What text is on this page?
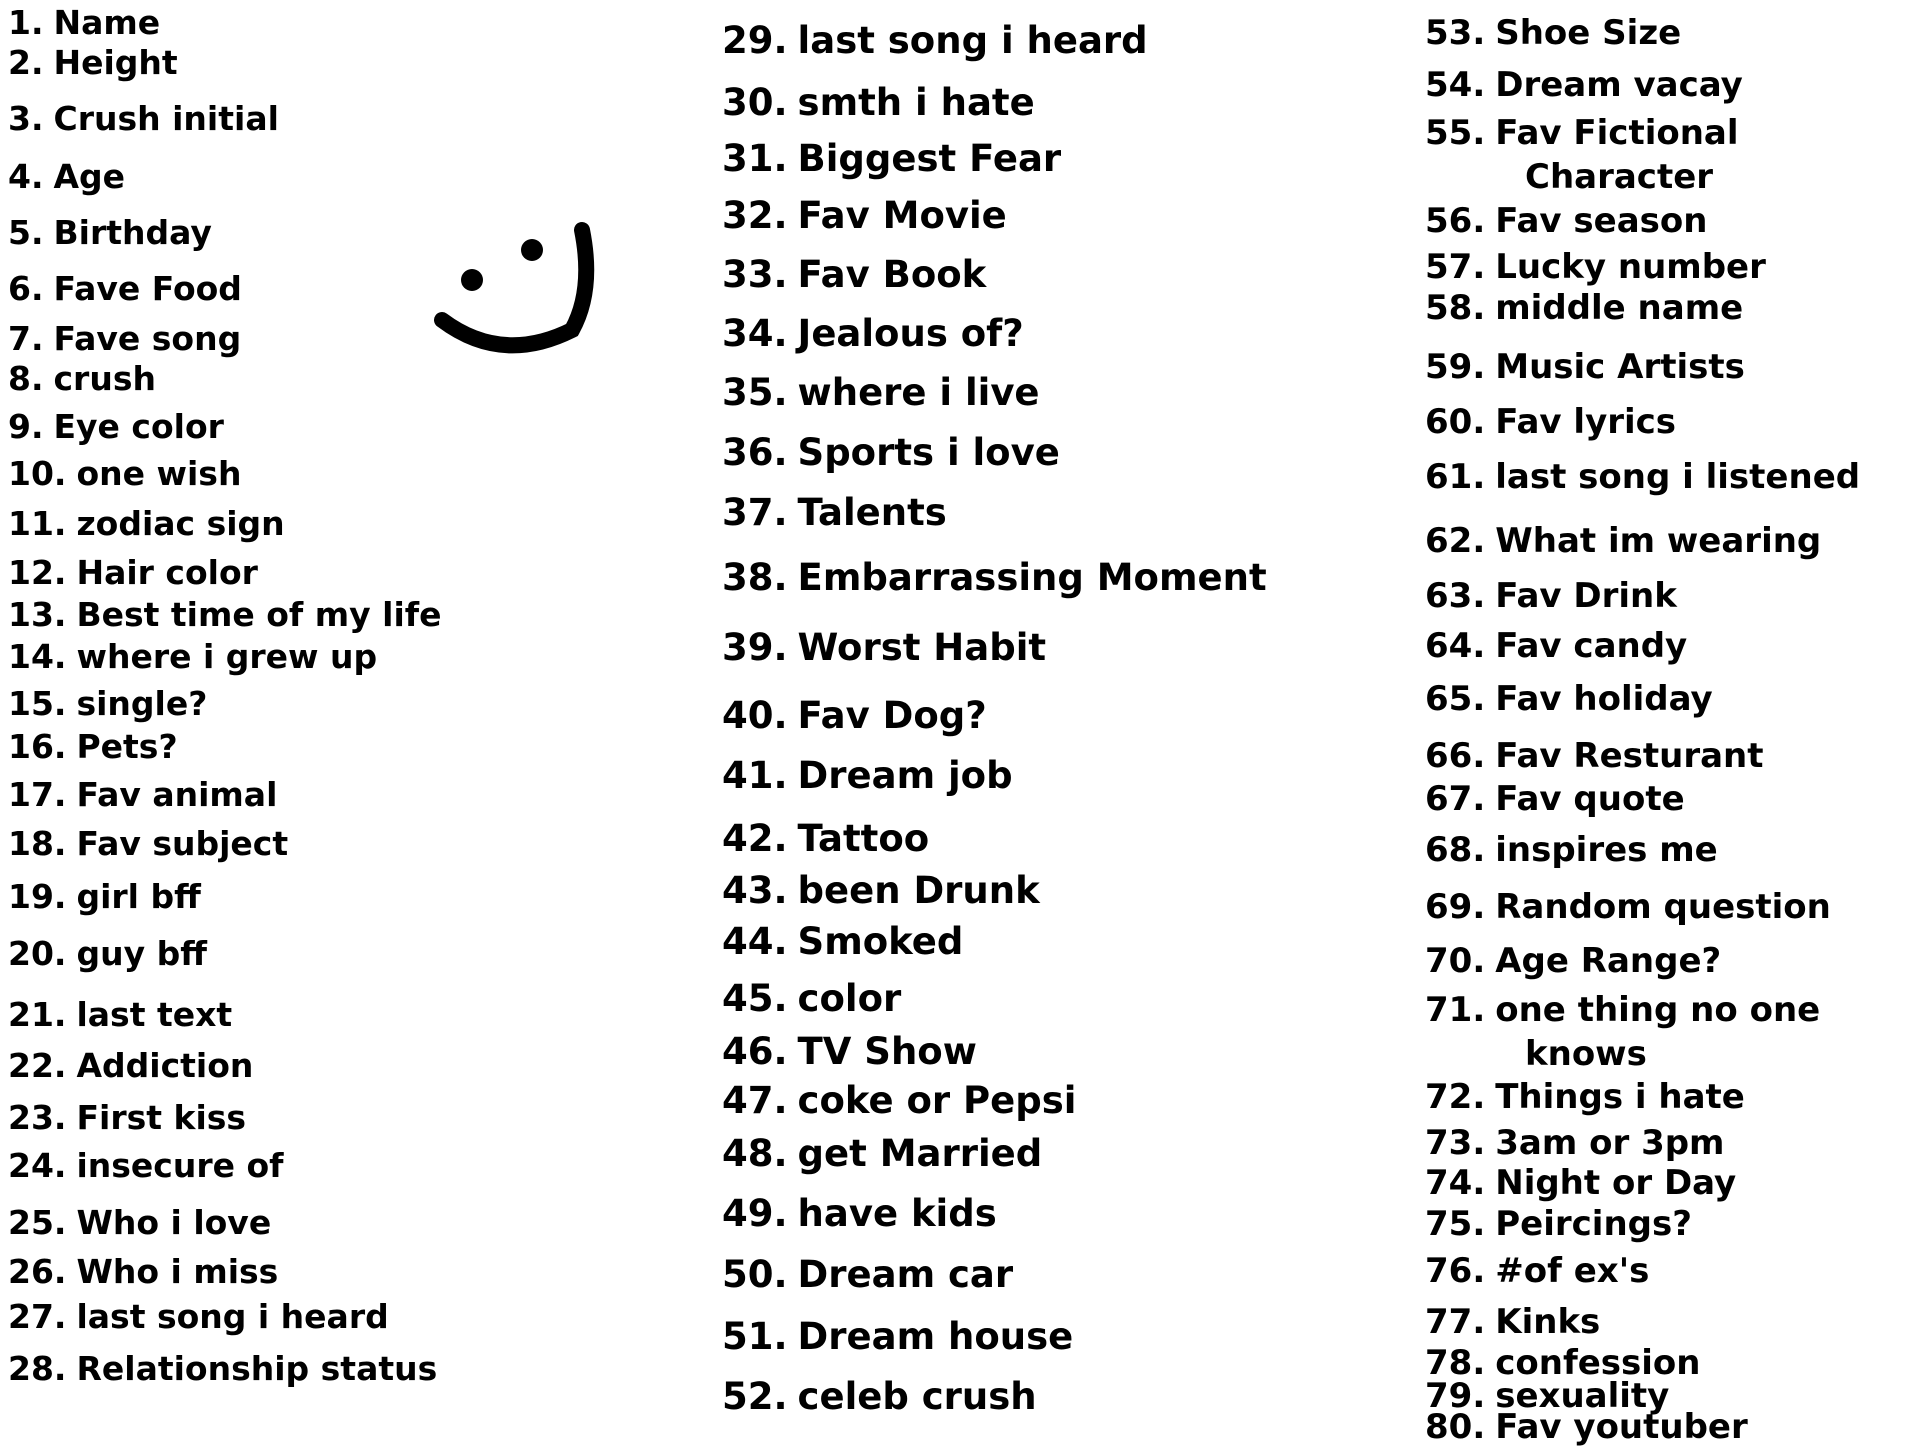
1. Name
2. Height
3. Crush initial
4. Age
5. Birthday
6. Fave Food
7. Fave song
8. crush
9. Eye color
10. one wish
11. zodiac sign
12. Hair color
13. Best time of my life
14. where i grew up
15. single?
16. Pets?
17. Fav animal
18. Fav subject
19. girl bff
20. guy bff
21. last text
22. Addiction
23. First kiss
24. insecure of
25. Who i love
26. Who i miss
27. last song i heard
28. Relationship status
29. last song i heard
30. smth i hate
31. Biggest Fear
32. Fav Movie
33. Fav Book
34. Jealous of?
35. where i live
36. Sports i love
37. Talents
38. Embarrassing Moment
39. Worst Habit
40. Fav Dog?
41. Dream job
42. Tattoo
43. been Drunk
44. Smoked
45. color
46. TV Show
47. coke or Pepsi
48. get Married
49. have kids
50. Dream car
51. Dream house
52. celeb crush
53. Shoe Size
54. Dream vacay
55. Fav Fictional
Character
56. Fav season
57. Lucky number
58. middle name
59. Music Artists
60. Fav lyrics
61. last song i listened
62. What im wearing
63. Fav Drink
64. Fav candy
65. Fav holiday
66. Fav Resturant
67. Fav quote
68. inspires me
69. Random question
70. Age Range?
71. one thing no one
knows
72. Things i hate
73. 3am or 3pm
74. Night or Day
75. Peircings?
76. #of ex's
77. Kinks
78. confession
79. sexuality
80. Fav youtuber
